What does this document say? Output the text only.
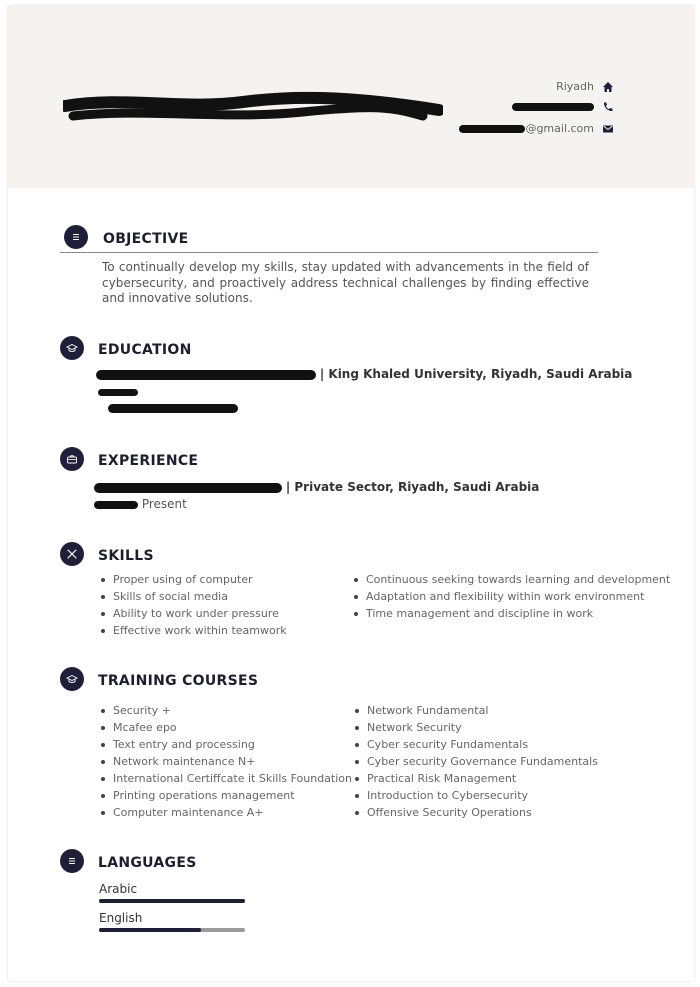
Riyadh
@gmail.com
OBJECTIVE
To continually develop my skills, stay updated with advancements in the field of cybersecurity, and proactively address technical challenges by finding effective and innovative solutions.
EDUCATION
| King Khaled University, Riyadh, Saudi Arabia
EXPERIENCE
| Private Sector, Riyadh, Saudi Arabia
Present
SKILLS
Proper using of computer
Skills of social media
Ability to work under pressure
Effective work within teamwork
Continuous seeking towards learning and development
Adaptation and flexibility within work environment
Time management and discipline in work
TRAINING COURSES
Security +
Mcafee epo
Text entry and processing
Network maintenance N+
International Certiffcate it Skills Foundation
Printing operations management
Computer maintenance A+
Network Fundamental
Network Security
Cyber security Fundamentals
Cyber security Governance Fundamentals
Practical Risk Management
Introduction to Cybersecurity
Offensive Security Operations
LANGUAGES
Arabic
English
